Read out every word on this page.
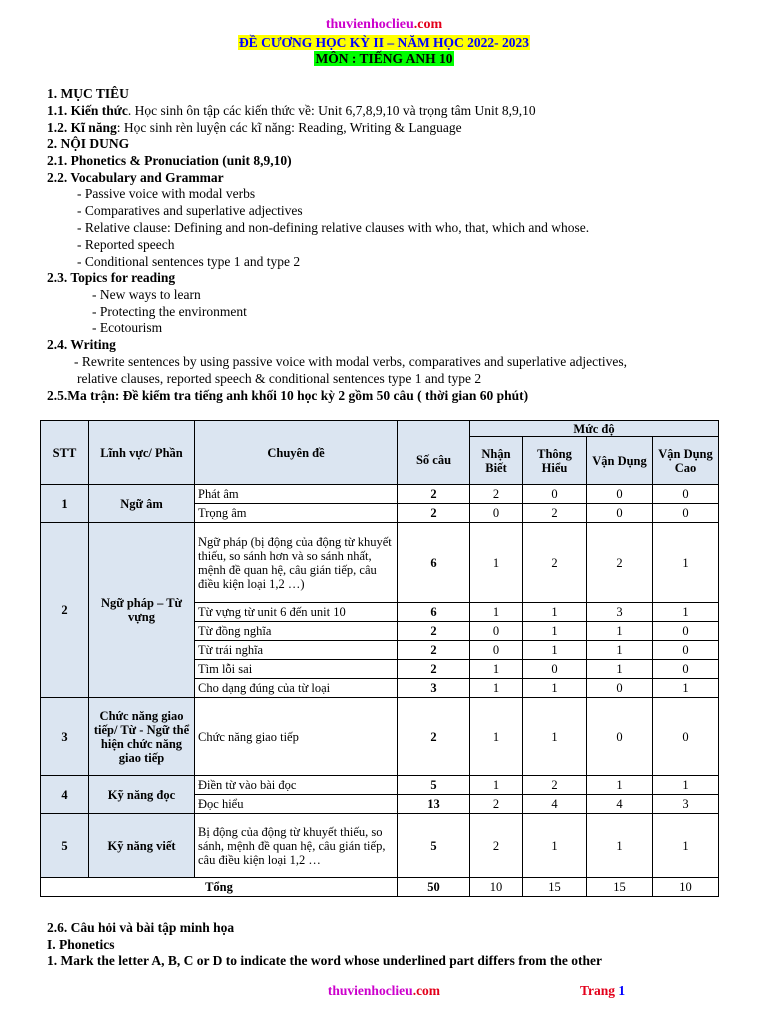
thuvienhoclieu.com
ĐỀ CƯƠNG HỌC KỲ II – NĂM HỌC 2022- 2023
MÔN : TIẾNG ANH 10
1. MỤC TIÊU
1.1. Kiến thức. Học sinh ôn tập các kiến thức về: Unit 6,7,8,9,10 và trọng tâm Unit 8,9,10
1.2. Kĩ năng: Học sinh rèn luyện các kĩ năng: Reading, Writing & Language
2. NỘI DUNG
2.1. Phonetics & Pronuciation (unit 8,9,10)
2.2. Vocabulary and Grammar
- Passive voice with modal verbs
- Comparatives and superlative adjectives
- Relative clause: Defining and non-defining relative clauses with who, that, which and whose.
- Reported speech
- Conditional sentences type 1 and type 2
2.3. Topics for reading
- New ways to learn
- Protecting the environment
- Ecotourism
2.4. Writing
- Rewrite sentences by using passive voice with modal verbs, comparatives and superlative adjectives,
relative clauses, reported speech & conditional sentences type 1 and type 2
2.5.Ma trận: Đề kiểm tra tiếng anh khối 10 học kỳ 2 gồm 50 câu ( thời gian 60 phút)
STT	Lĩnh vực/ Phần	Chuyên đề		Mức độ			
			Số câu	Nhận Biết	Thông Hiểu	Vận Dụng	Vận Dụng Cao
1	Ngữ âm	Phát âm	2	2	0	0	0
		Trọng âm	2	0	2	0	0
2	Ngữ pháp – Từ vựng	Ngữ pháp (bị động của động từ khuyết thiếu, so sánh hơn và so sánh nhất, mệnh đề quan hệ, câu gián tiếp, câu điều kiện loại 1,2 …)	6	1	2	2	1
		Từ vựng từ unit 6 đến unit 10	6	1	1	3	1
		Từ đồng nghĩa	2	0	1	1	0
		Từ trái nghĩa	2	0	1	1	0
		Tìm lỗi sai	2	1	0	1	0
		Cho dạng đúng của từ loại	3	1	1	0	1
3	Chức năng giao tiếp/ Từ - Ngữ thể hiện chức năng giao tiếp	Chức năng giao tiếp	2	1	1	0	0
4	Kỹ năng đọc	Điền từ vào bài đọc	5	1	2	1	1
		Đọc hiểu	13	2	4	4	3
5	Kỹ năng viết	Bị động của động từ khuyết thiếu, so sánh, mệnh đề quan hệ, câu gián tiếp, câu điều kiện loại 1,2 …	5	2	1	1	1
Tổng			50	10	15	15	10
2.6. Câu hỏi và bài tập minh họa
I. Phonetics
1. Mark the letter A, B, C or D to indicate the word whose underlined part differs from the other
thuvienhoclieu.com	Trang 1
